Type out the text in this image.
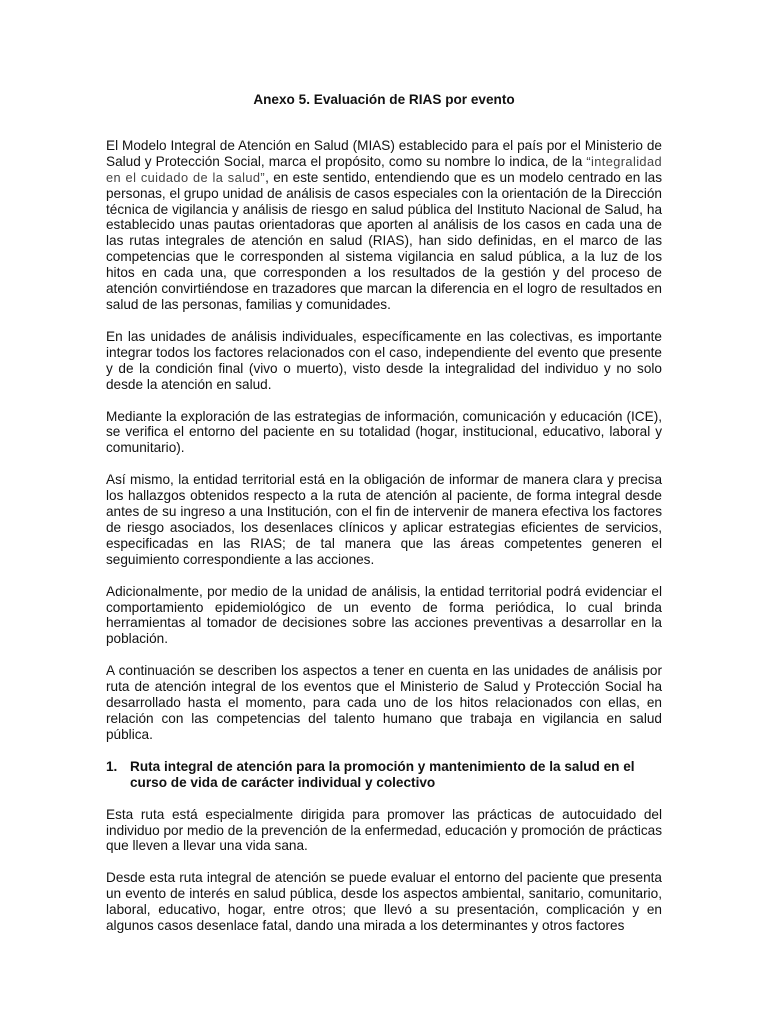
Anexo 5. Evaluación de RIAS por evento

El Modelo Integral de Atención en Salud (MIAS) establecido para el país por el Ministerio de Salud y Protección Social, marca el propósito, como su nombre lo indica, de la “integralidad en el cuidado de la salud”, en este sentido, entendiendo que es un modelo centrado en las personas, el grupo unidad de análisis de casos especiales con la orientación de la Dirección técnica de vigilancia y análisis de riesgo en salud pública del Instituto Nacional de Salud, ha establecido unas pautas orientadoras que aporten al análisis de los casos en cada una de las rutas integrales de atención en salud (RIAS), han sido definidas, en el marco de las competencias que le corresponden al sistema vigilancia en salud pública, a la luz de los hitos en cada una, que corresponden a los resultados de la gestión y del proceso de atención convirtiéndose en trazadores que marcan la diferencia en el logro de resultados en salud de las personas, familias y comunidades.

En las unidades de análisis individuales, específicamente en las colectivas, es importante integrar todos los factores relacionados con el caso, independiente del evento que presente y de la condición final (vivo o muerto), visto desde la integralidad del individuo y no solo desde la atención en salud.

Mediante la exploración de las estrategias de información, comunicación y educación (ICE), se verifica el entorno del paciente en su totalidad (hogar, institucional, educativo, laboral y comunitario).

Así mismo, la entidad territorial está en la obligación de informar de manera clara y precisa los hallazgos obtenidos respecto a la ruta de atención al paciente, de forma integral desde antes de su ingreso a una Institución, con el fin de intervenir de manera efectiva los factores de riesgo asociados, los desenlaces clínicos y aplicar estrategias eficientes de servicios, especificadas en las RIAS; de tal manera que las áreas competentes generen el seguimiento correspondiente a las acciones.

Adicionalmente, por medio de la unidad de análisis, la entidad territorial podrá evidenciar el comportamiento epidemiológico de un evento de forma periódica, lo cual brinda herramientas al tomador de decisiones sobre las acciones preventivas a desarrollar en la población.

A continuación se describen los aspectos a tener en cuenta en las unidades de análisis por ruta de atención integral de los eventos que el Ministerio de Salud y Protección Social ha desarrollado hasta el momento, para cada uno de los hitos relacionados con ellas, en relación con las competencias del talento humano que trabaja en vigilancia en salud pública.

1. Ruta integral de atención para la promoción y mantenimiento de la salud en el curso de vida de carácter individual y colectivo

Esta ruta está especialmente dirigida para promover las prácticas de autocuidado del individuo por medio de la prevención de la enfermedad, educación y promoción de prácticas que lleven a llevar una vida sana.

Desde esta ruta integral de atención se puede evaluar el entorno del paciente que presenta un evento de interés en salud pública, desde los aspectos ambiental, sanitario, comunitario, laboral, educativo, hogar, entre otros; que llevó a su presentación, complicación y en algunos casos desenlace fatal, dando una mirada a los determinantes y otros factores
